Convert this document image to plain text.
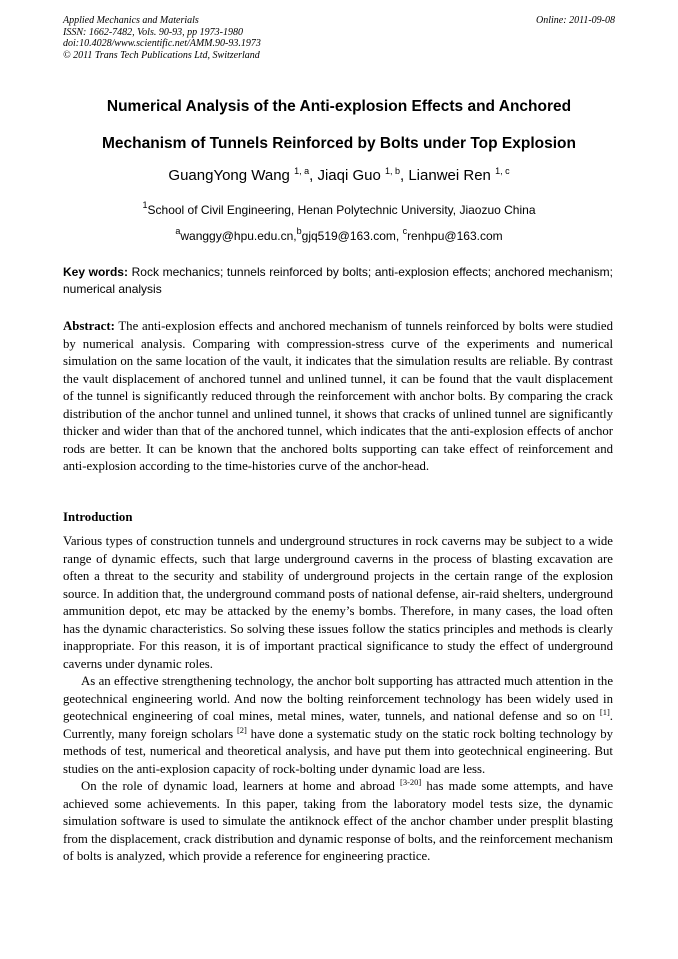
Applied Mechanics and Materials
ISSN: 1662-7482, Vols. 90-93, pp 1973-1980
doi:10.4028/www.scientific.net/AMM.90-93.1973
© 2011 Trans Tech Publications Ltd, Switzerland
Online: 2011-09-08
Numerical Analysis of the Anti-explosion Effects and Anchored
Mechanism of Tunnels Reinforced by Bolts under Top Explosion
GuangYong Wang $^{1, a}$, Jiaqi Guo $^{1, b}$, Lianwei Ren $^{1, c}$
$^1$School of Civil Engineering, Henan Polytechnic University, Jiaozuo China
$^a$wanggy@hpu.edu.cn,$^b$gjq519@163.com, $^c$renhpu@163.com
Key words: Rock mechanics; tunnels reinforced by bolts; anti-explosion effects; anchored mechanism; numerical analysis

Abstract: The anti-explosion effects and anchored mechanism of tunnels reinforced by bolts were studied by numerical analysis. Comparing with compression-stress curve of the experiments and numerical simulation on the same location of the vault, it indicates that the simulation results are reliable. By contrast the vault displacement of anchored tunnel and unlined tunnel, it can be found that the vault displacement of the tunnel is significantly reduced through the reinforcement with anchor bolts. By comparing the crack distribution of the anchor tunnel and unlined tunnel, it shows that cracks of unlined tunnel are significantly thicker and wider than that of the anchored tunnel, which indicates that the anti-explosion effects of anchor rods are better. It can be known that the anchored bolts supporting can take effect of reinforcement and anti-explosion according to the time-histories curve of the anchor-head.

Introduction

Various types of construction tunnels and underground structures in rock caverns may be subject to a wide range of dynamic effects, such that large underground caverns in the process of blasting excavation are often a threat to the security and stability of underground projects in the certain range of the explosion source. In addition that, the underground command posts of national defense, air-raid shelters, underground ammunition depot, etc may be attacked by the enemy’s bombs. Therefore, in many cases, the load often has the dynamic characteristics. So solving these issues follow the statics principles and methods is clearly inappropriate. For this reason, it is of important practical significance to study the effect of underground caverns under dynamic roles.

As an effective strengthening technology, the anchor bolt supporting has attracted much attention in the geotechnical engineering world. And now the bolting reinforcement technology has been widely used in geotechnical engineering of coal mines, metal mines, water, tunnels, and national defense and so on [1]. Currently, many foreign scholars [2] have done a systematic study on the static rock bolting technology by methods of test, numerical and theoretical analysis, and have put them into geotechnical engineering. But studies on the anti-explosion capacity of rock-bolting under dynamic load are less.

On the role of dynamic load, learners at home and abroad [3-20] has made some attempts, and have achieved some achievements. In this paper, taking from the laboratory model tests size, the dynamic simulation software is used to simulate the antiknock effect of the anchor chamber under presplit blasting from the displacement, crack distribution and dynamic response of bolts, and the reinforcement mechanism of bolts is analyzed, which provide a reference for engineering practice.
